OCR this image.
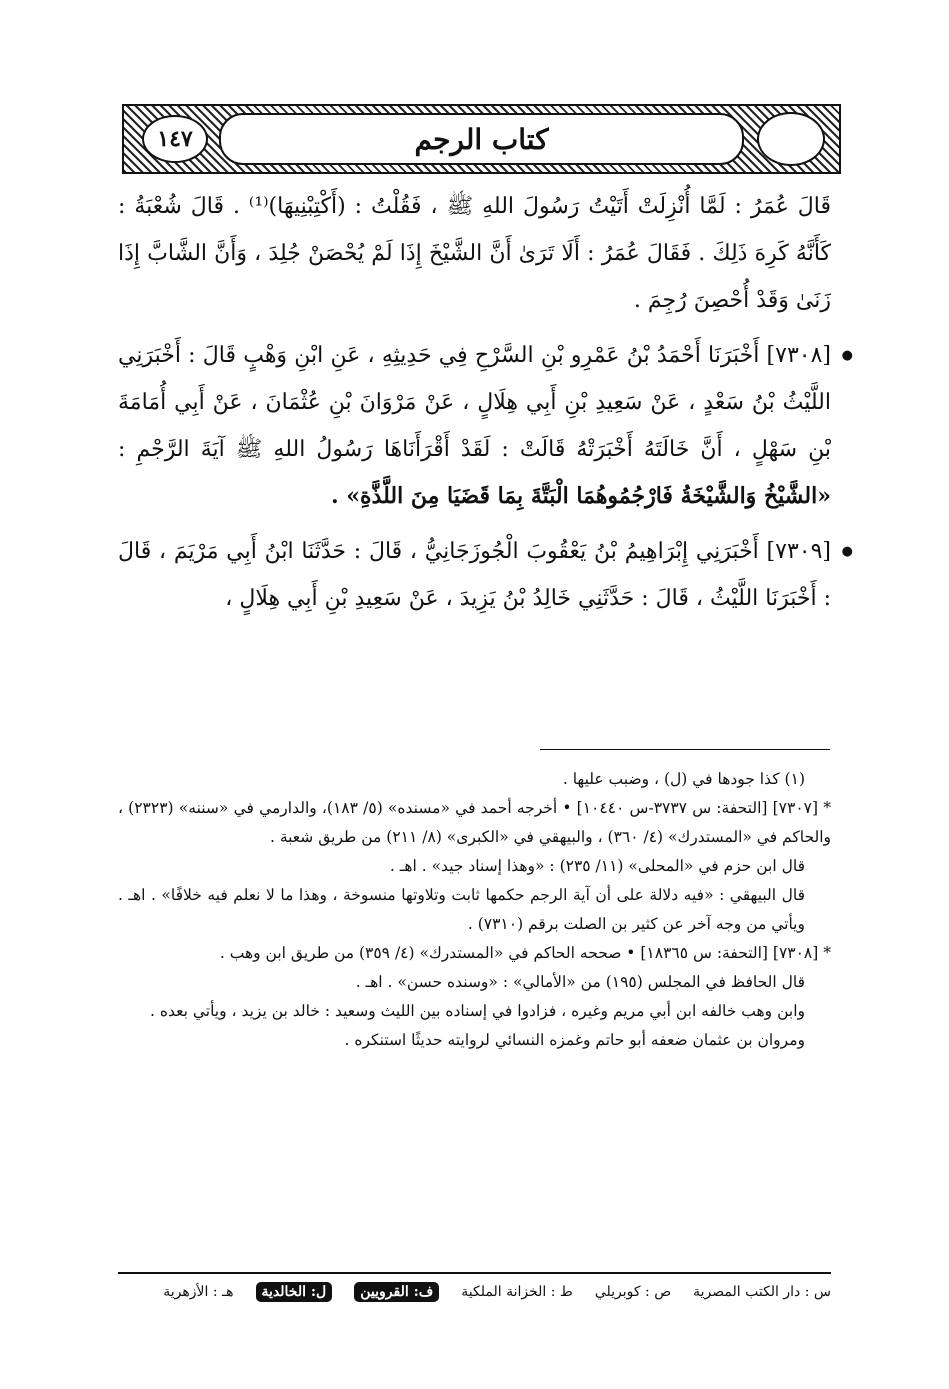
كتاب الرجم
١٤٧

قَالَ عُمَرُ : لَمَّا أُنْزِلَتْ أَتَيْتُ رَسُولَ اللهِ ﷺ ، فَقُلْتُ : (أَكْتِبْنِيهَا)⁽¹⁾ . قَالَ شُعْبَةُ : كَأَنَّهُ كَرِهَ ذَلِكَ . فَقَالَ عُمَرُ : أَلَا تَرَىٰ أَنَّ الشَّيْخَ إِذَا لَمْ يُحْصَنْ جُلِدَ ، وَأَنَّ الشَّابَّ إِذَا زَنَىٰ وَقَدْ أُحْصِنَ رُجِمَ .

● [٧٣٠٨] أَخْبَرَنَا أَحْمَدُ بْنُ عَمْرِو بْنِ السَّرْحِ فِي حَدِيثِهِ ، عَنِ ابْنِ وَهْبٍ قَالَ : أَخْبَرَنِي اللَّيْثُ بْنُ سَعْدٍ ، عَنْ سَعِيدِ بْنِ أَبِي هِلَالٍ ، عَنْ مَرْوَانَ بْنِ عُثْمَانَ ، عَنْ أَبِي أُمَامَةَ بْنِ سَهْلٍ ، أَنَّ خَالَتَهُ أَخْبَرَتْهُ قَالَتْ : لَقَدْ أَقْرَأَنَاهَا رَسُولُ اللهِ ﷺ آيَةَ الرَّجْمِ : «الشَّيْخُ وَالشَّيْخَةُ فَارْجُمُوهُمَا الْبَتَّةَ بِمَا قَضَيَا مِنَ اللَّذَّةِ» .

● [٧٣٠٩] أَخْبَرَنِي إِبْرَاهِيمُ بْنُ يَعْقُوبَ الْجُوزَجَانِيُّ ، قَالَ : حَدَّثَنَا ابْنُ أَبِي مَرْيَمَ ، قَالَ : أَخْبَرَنَا اللَّيْثُ ، قَالَ : حَدَّثَنِي خَالِدُ بْنُ يَزِيدَ ، عَنْ سَعِيدِ بْنِ أَبِي هِلَالٍ ،

(١) كذا جودها في (ل) ، وضبب عليها .

* [٧٣٠٧] [التحفة: س ٣٧٣٧-س ١٠٤٤٠] • أخرجه أحمد في «مسنده» (٥/ ١٨٣)، والدارمي في «سننه» (٢٣٢٣) ، والحاكم في «المستدرك» (٤/ ٣٦٠) ، والبيهقي في «الكبرى» (٨/ ٢١١) من طريق شعبة .

قال ابن حزم في «المحلى» (١١/ ٢٣٥) : «وهذا إسناد جيد» . اهـ .

قال البيهقي : «فيه دلالة على أن آية الرجم حكمها ثابت وتلاوتها منسوخة ، وهذا ما لا نعلم فيه خلافًا» . اهـ . ويأتي من وجه آخر عن كثير بن الصلت برقم (٧٣١٠) .

* [٧٣٠٨] [التحفة: س ١٨٣٦٥] • صححه الحاكم في «المستدرك» (٤/ ٣٥٩) من طريق ابن وهب .

قال الحافظ في المجلس (١٩٥) من «الأمالي» : «وسنده حسن» . اهـ .

وابن وهب خالفه ابن أبي مريم وغيره ، فزادوا في إسناده بين الليث وسعيد : خالد بن يزيد ، ويأتي بعده .

ومروان بن عثمان ضعفه أبو حاتم وغمزه النسائي لروايته حديثًا استنكره .

س : دار الكتب المصرية
ص : كوبريلي
ط : الخزانة الملكية
ف: القرويين
ل: الخالدية
هـ : الأزهرية
